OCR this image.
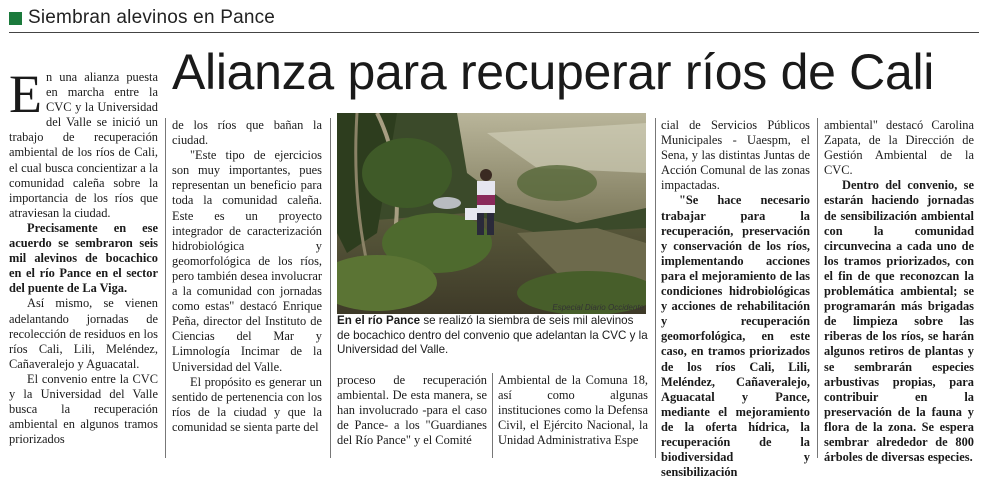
Siembran alevinos en Pance
Alianza para recuperar ríos de Cali

En una alianza puesta en marcha entre la CVC y la Universidad del Valle se inició un trabajo de recuperación ambiental de los ríos de Cali, el cual busca concientizar a la comunidad caleña sobre la importancia de los ríos que atraviesan la ciudad.

Precisamente en ese acuerdo se sembraron seis mil alevinos de bocachico en el río Pance en el sector del puente de La Viga.

Así mismo, se vienen adelantando jornadas de recolección de residuos en los ríos Cali, Lili, Meléndez, Cañaveralejo y Aguacatal.

El convenio entre la CVC y la Universidad del Valle busca la recuperación ambiental en algunos tramos priorizados

de los ríos que bañan la ciudad.

"Este tipo de ejercicios son muy importantes, pues representan un beneficio para toda la comunidad caleña. Este es un proyecto integrador de caracterización hidrobiológica y geomorfológica de los ríos, pero también desea involucrar a la comunidad con jornadas como estas" destacó Enrique Peña, director del Instituto de Ciencias del Mar y Limnología Incimar de la Universidad del Valle.

El propósito es generar un sentido de pertenencia con los ríos de la ciudad y que la comunidad se sienta parte del

Especial Diario Occidente
En el río Pance se realizó la siembra de seis mil alevinos de bocachico dentro del convenio que adelantan la CVC y la Universidad del Valle.

proceso de recuperación ambiental. De esta manera, se han involucrado -para el caso de Pance- a los "Guardianes del Río Pance" y el Comité

Ambiental de la Comuna 18, así como algunas instituciones como la Defensa Civil, el Ejército Nacional, la Unidad Administrativa Espe

cial de Servicios Públicos Municipales - Uaespm, el Sena, y las distintas Juntas de Acción Comunal de las zonas impactadas.

"Se hace necesario trabajar para la recuperación, preservación y conservación de los ríos, implementando acciones para el mejoramiento de las condiciones hidrobiológicas y acciones de rehabilitación y recuperación geomorfológica, en este caso, en tramos priorizados de los ríos Cali, Lili, Meléndez, Cañaveralejo, Aguacatal y Pance, mediante el mejoramiento de la oferta hídrica, la recuperación de la biodiversidad y sensibilización

ambiental" destacó Carolina Zapata, de la Dirección de Gestión Ambiental de la CVC.

Dentro del convenio, se estarán haciendo jornadas de sensibilización ambiental con la comunidad circunvecina a cada uno de los tramos priorizados, con el fin de que reconozcan la problemática ambiental; se programarán más brigadas de limpieza sobre las riberas de los ríos, se harán algunos retiros de plantas y se sembrarán especies arbustivas propias, para contribuir en la preservación de la fauna y flora de la zona. Se espera sembrar alrededor de 800 árboles de diversas especies.
